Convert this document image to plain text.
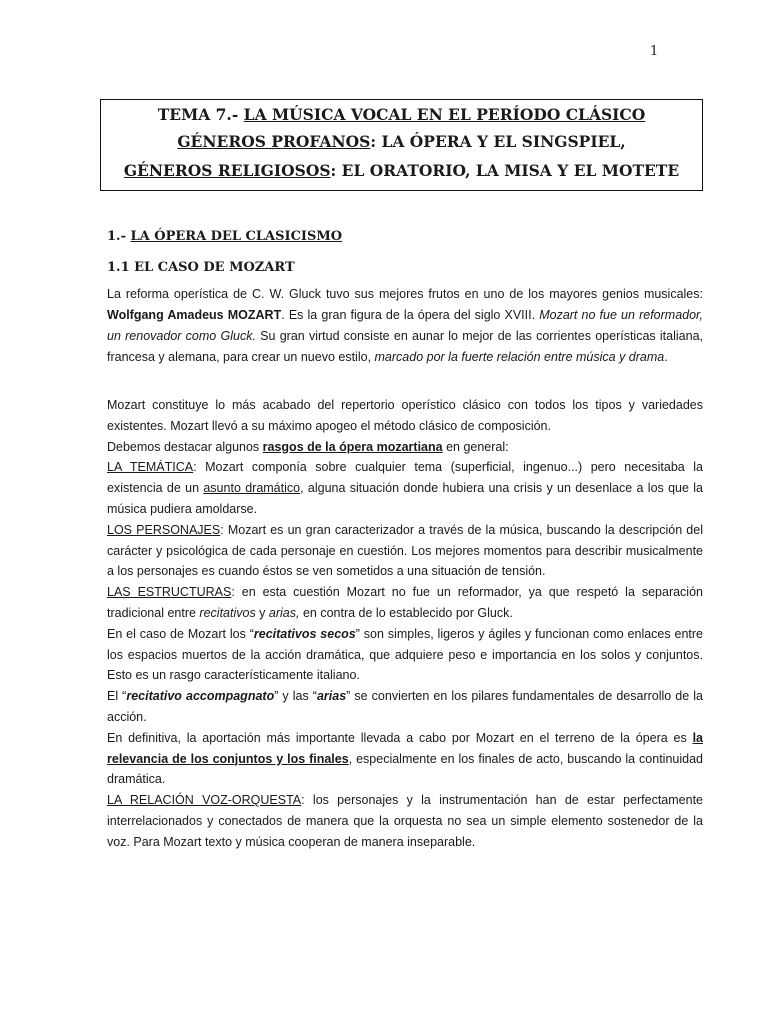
1
TEMA 7.- LA MÚSICA VOCAL EN EL PERÍODO CLÁSICO
GÉNEROS PROFANOS: LA ÓPERA Y EL SINGSPIEL,
GÉNEROS RELIGIOSOS: EL ORATORIO, LA MISA Y EL MOTETE
1.- LA ÓPERA DEL CLASICISMO
1.1 EL CASO DE MOZART

La reforma operística de C. W. Gluck tuvo sus mejores frutos en uno de los mayores genios musicales: Wolfgang Amadeus MOZART. Es la gran figura de la ópera del siglo XVIII. Mozart no fue un reformador, un renovador como Gluck. Su gran virtud consiste en aunar lo mejor de las corrientes operísticas italiana, francesa y alemana, para crear un nuevo estilo, marcado por la fuerte relación entre música y drama.

Mozart constituye lo más acabado del repertorio operístico clásico con todos los tipos y variedades existentes. Mozart llevó a su máximo apogeo el método clásico de composición.
Debemos destacar algunos rasgos de la ópera mozartiana en general:
LA TEMÁTICA: Mozart componía sobre cualquier tema (superficial, ingenuo...) pero necesitaba la existencia de un asunto dramático, alguna situación donde hubiera una crisis y un desenlace a los que la música pudiera amoldarse.
LOS PERSONAJES: Mozart es un gran caracterizador a través de la música, buscando la descripción del carácter y psicológica de cada personaje en cuestión. Los mejores momentos para describir musicalmente a los personajes es cuando éstos se ven sometidos a una situación de tensión.
LAS ESTRUCTURAS: en esta cuestión Mozart no fue un reformador, ya que respetó la separación tradicional entre recitativos y arias, en contra de lo establecido por Gluck.
En el caso de Mozart los “recitativos secos” son simples, ligeros y ágiles y funcionan como enlaces entre los espacios muertos de la acción dramática, que adquiere peso e importancia en los solos y conjuntos. Esto es un rasgo característicamente italiano.
El “recitativo accompagnato” y las “arias” se convierten en los pilares fundamentales de desarrollo de la acción.
En definitiva, la aportación más importante llevada a cabo por Mozart en el terreno de la ópera es la relevancia de los conjuntos y los finales, especialmente en los finales de acto, buscando la continuidad dramática.
LA RELACIÓN VOZ-ORQUESTA: los personajes y la instrumentación han de estar perfectamente interrelacionados y conectados de manera que la orquesta no sea un simple elemento sostenedor de la voz. Para Mozart texto y música cooperan de manera inseparable.
